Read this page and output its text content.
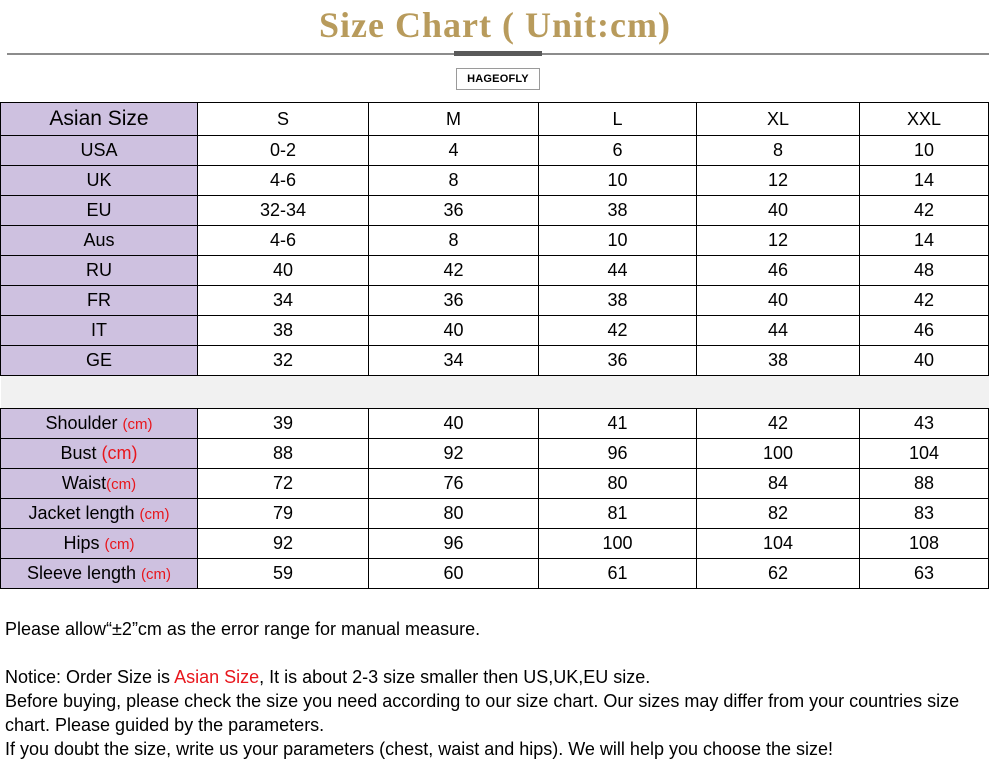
Size Chart ( Unit:cm)
HAGEOFLY
Asian Size	S	M	L	XL	XXL
USA	0-2	4	6	8	10
UK	4-6	8	10	12	14
EU	32-34	36	38	40	42
Aus	4-6	8	10	12	14
RU	40	42	44	46	48
FR	34	36	38	40	42
IT	38	40	42	44	46
GE	32	34	36	38	40

Shoulder (cm)	39	40	41	42	43
Bust (cm)	88	92	96	100	104
Waist(cm)	72	76	80	84	88
Jacket length (cm)	79	80	81	82	83
Hips (cm)	92	96	100	104	108
Sleeve length (cm)	59	60	61	62	63

Please allow“±2”cm as the error range for manual measure.

Notice: Order Size is Asian Size, It is about 2-3 size smaller then US,UK,EU size.

Before buying, please check the size you need according to our size chart. Our sizes may differ from your countries size chart. Please guided by the parameters.

If you doubt the size, write us your parameters (chest, waist and hips). We will help you choose the size!
